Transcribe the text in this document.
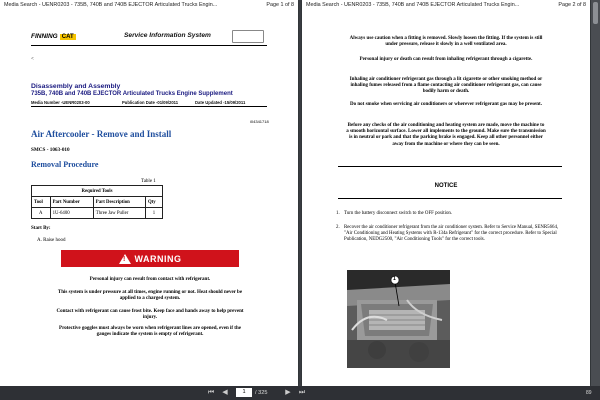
Media Search - UENR0203 - 735B, 740B and 740B EJECTOR Articulated Trucks Engin...	Page 1 of 8
FINNING CAT	Service Information System
<
Disassembly and Assembly
735B, 740B and 740B EJECTOR Articulated Trucks Engine Supplement
Media Number -UENR0203-00	Publication Date -01/09/2011	Date Updated -15/09/2011
i04341718
Air Aftercooler - Remove and Install
SMCS - 1063-010
Removal Procedure
Table 1
Required Tools			
Tool	Part Number	Part Description	Qty
A	1U-6400	Three Jaw Puller	1
Start By:
A. Raise hood
! WARNING
Personal injury can result from contact with refrigerant.
This system is under pressure at all times, engine running or not. Heat should never be applied to a charged system.
Contact with refrigerant can cause frost bite. Keep face and hands away to help prevent injury.
Protective goggles must always be worn when refrigerant lines are opened, even if the gauges indicate the system is empty of refrigerant.
Media Search - UENR0203 - 735B, 740B and 740B EJECTOR Articulated Trucks Engin...	Page 2 of 8
Always use caution when a fitting is removed. Slowly loosen the fitting. If the system is still under pressure, release it slowly in a well ventilated area.
Personal injury or death can result from inhaling refrigerant through a cigarette.
Inhaling air conditioner refrigerant gas through a lit cigarette or other smoking method or inhaling fumes released from a flame contacting air conditioner refrigerant gas, can cause bodily harm or death.
Do not smoke when servicing air conditioners or wherever refrigerant gas may be present.
Before any checks of the air conditioning and heating system are made, move the machine to a smooth horizontal surface. Lower all implements to the ground. Make sure the transmission is in neutral or park and that the parking brake is engaged. Keep all other personnel either away from the machine or where they can be seen.
NOTICE
1. Turn the battery disconnect switch to the OFF position.
2. Recover the air conditioner refrigerant from the air conditioner system. Refer to Service Manual, SENR5664, "Air Conditioning and Heating Systems with R-134a Refrigerant" for the correct procedure. Refer to Special Publication, NEDG2500, "Air Conditioning Tools" for the correct tools.
1
⏮	◀	1	/ 325	▶	⏭	89
